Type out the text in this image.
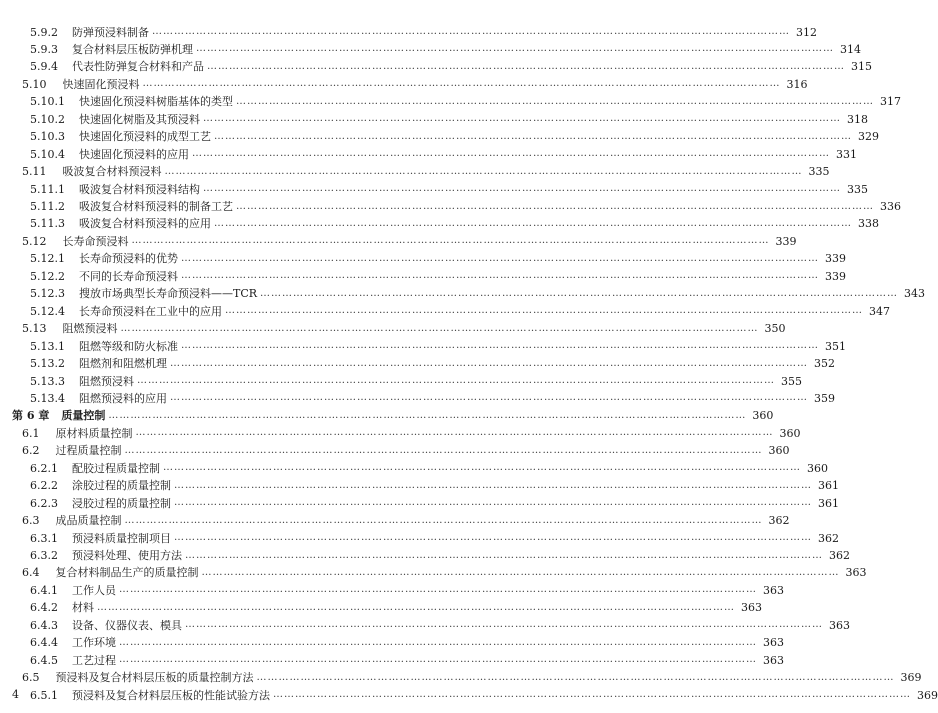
5.9.2	防弹预浸料制备 ………………………………………………………………………………………………………………………………………………………… 312
5.9.3	复合材料层压板防弹机理 ………………………………………………………………………………………………………………………………………………………… 314
5.9.4	代表性防弹复合材料和产品 ………………………………………………………………………………………………………………………………………………………… 315
5.10	快速固化预浸料 ………………………………………………………………………………………………………………………………………………………… 316
5.10.1	快速固化预浸料树脂基体的类型 ………………………………………………………………………………………………………………………………………………………… 317
5.10.2	快速固化树脂及其预浸料 ………………………………………………………………………………………………………………………………………………………… 318
5.10.3	快速固化预浸料的成型工艺 ………………………………………………………………………………………………………………………………………………………… 329
5.10.4	快速固化预浸料的应用 ………………………………………………………………………………………………………………………………………………………… 331
5.11	吸波复合材料预浸料 ………………………………………………………………………………………………………………………………………………………… 335
5.11.1	吸波复合材料预浸料结构 ………………………………………………………………………………………………………………………………………………………… 335
5.11.2	吸波复合材料预浸料的制备工艺 ………………………………………………………………………………………………………………………………………………………… 336
5.11.3	吸波复合材料预浸料的应用 ………………………………………………………………………………………………………………………………………………………… 338
5.12	长寿命预浸料 ………………………………………………………………………………………………………………………………………………………… 339
5.12.1	长寿命预浸料的优势 ………………………………………………………………………………………………………………………………………………………… 339
5.12.2	不同的长寿命预浸料 ………………………………………………………………………………………………………………………………………………………… 339
5.12.3	搜放市场典型长寿命预浸料——TCR ………………………………………………………………………………………………………………………………………………………… 343
5.12.4	长寿命预浸料在工业中的应用 ………………………………………………………………………………………………………………………………………………………… 347
5.13	阻燃预浸料 ………………………………………………………………………………………………………………………………………………………… 350
5.13.1	阻燃等级和防火标准 ………………………………………………………………………………………………………………………………………………………… 351
5.13.2	阻燃剂和阻燃机理 ………………………………………………………………………………………………………………………………………………………… 352
5.13.3	阻燃预浸料 ………………………………………………………………………………………………………………………………………………………… 355
5.13.4	阻燃预浸料的应用 ………………………………………………………………………………………………………………………………………………………… 359
第 6 章	质量控制 ………………………………………………………………………………………………………………………………………………………… 360
6.1	原材料质量控制 ………………………………………………………………………………………………………………………………………………………… 360
6.2	过程质量控制 ………………………………………………………………………………………………………………………………………………………… 360
6.2.1	配胶过程质量控制 ………………………………………………………………………………………………………………………………………………………… 360
6.2.2	涂胶过程的质量控制 ………………………………………………………………………………………………………………………………………………………… 361
6.2.3	浸胶过程的质量控制 ………………………………………………………………………………………………………………………………………………………… 361
6.3	成品质量控制 ………………………………………………………………………………………………………………………………………………………… 362
6.3.1	预浸料质量控制项目 ………………………………………………………………………………………………………………………………………………………… 362
6.3.2	预浸料处理、使用方法 ………………………………………………………………………………………………………………………………………………………… 362
6.4	复合材料制品生产的质量控制 ………………………………………………………………………………………………………………………………………………………… 363
6.4.1	工作人员 ………………………………………………………………………………………………………………………………………………………… 363
6.4.2	材料 ………………………………………………………………………………………………………………………………………………………… 363
6.4.3	设备、仪器仪表、模具 ………………………………………………………………………………………………………………………………………………………… 363
6.4.4	工作环境 ………………………………………………………………………………………………………………………………………………………… 363
6.4.5	工艺过程 ………………………………………………………………………………………………………………………………………………………… 363
6.5	预浸料及复合材料层压板的质量控制方法 ………………………………………………………………………………………………………………………………………………………… 369
6.5.1	预浸料及复合材料层压板的性能试验方法 ………………………………………………………………………………………………………………………………………………………… 369
4
